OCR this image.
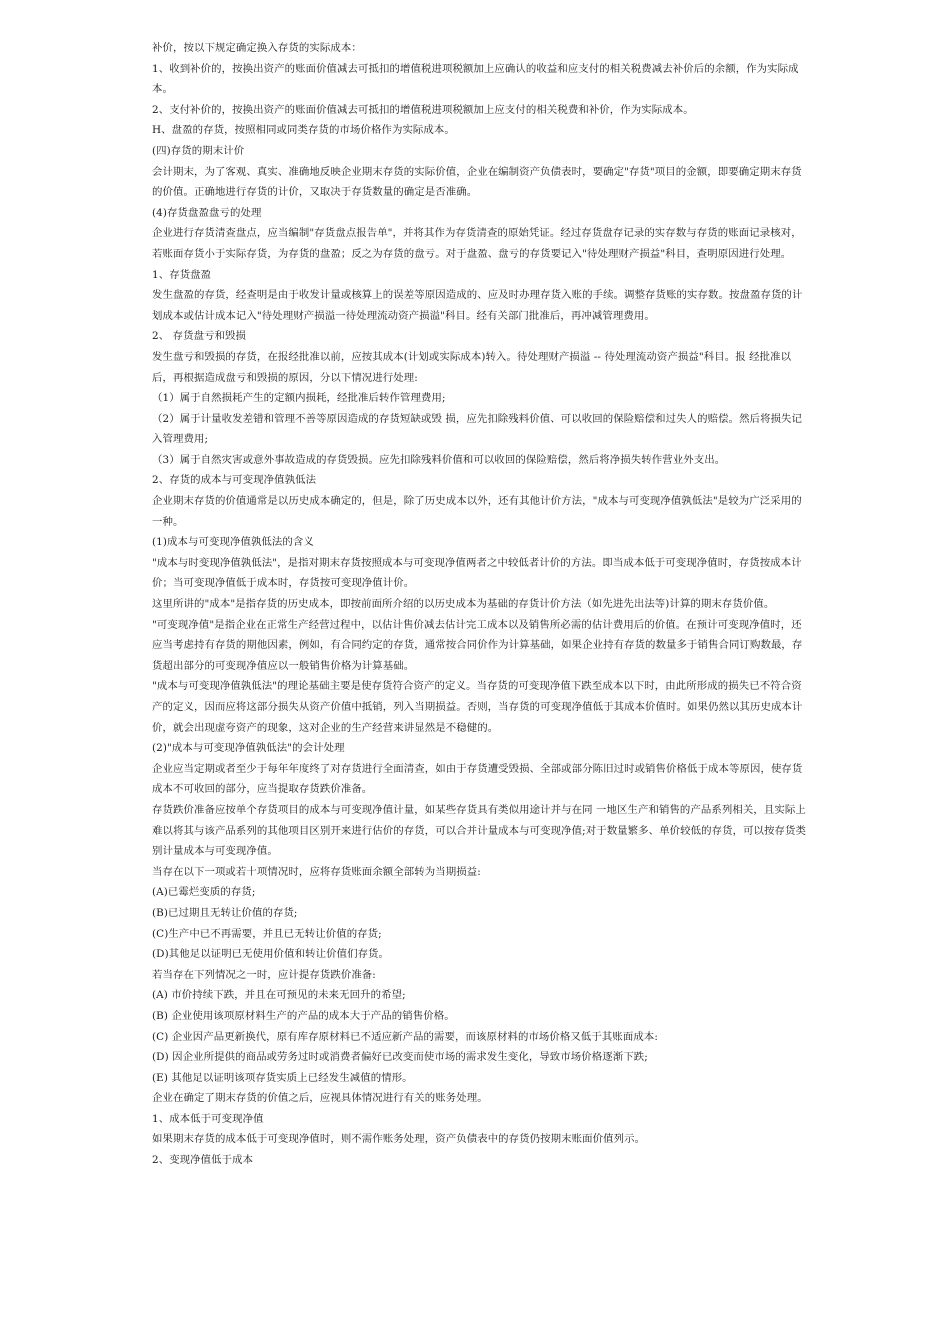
补价，按以下规定确定换入存货的实际成本：

1、收到补价的，按换出资产的账面价值减去可抵扣的增值税进项税额加上应确认的收益和应支付的相关税费减去补价后的余额，作为实际成本。

2、支付补价的，按换出资产的账面价值减去可抵扣的增值税进项税额加上应支付的相关税费和补价，作为实际成本。

H、盘盈的存货，按照相同或同类存货的市场价格作为实际成本。

(四)存货的期末计价

会计期末，为了客观、真实、准确地反映企业期末存货的实际价值，企业在编制资产负债表时，要确定"存货"项目的金额，即要确定期末存货的价值。正确地进行存货的计价，又取决于存货数量的确定是否准确。

(4)存货盘盈盘亏的处理

企业进行存货清查盘点，应当编制"存货盘点报告单"，并将其作为存货清查的原始凭证。经过存货盘存记录的实存数与存货的账面记录核对，若账面存货小于实际存货，为存货的盘盈；反之为存货的盘亏。对于盘盈、盘亏的存货要记入"待处理财产损益"科目，查明原因进行处理。

1、存货盘盈

发生盘盈的存货，经查明是由于收发计量或核算上的误差等原因造成的、应及时办理存货入账的手续。调整存货账的实存数。按盘盈存货的计划成本或估计成本记入"待处理财产损溢一待处理流动资产损溢"科目。经有关部门批准后，再冲减管理费用。

2、 存货盘亏和毁损

发生盘亏和毁损的存货，在报经批准以前，应按其成本(计划或实际成本)转入。待处理财产损溢 -- 待处理流动资产损益"科目。报 经批准以后，再根据造成盘亏和毁损的原因，分以下情况进行处理:

（1）属于自然损耗产生的定额内损耗，经批准后转作管理费用;

（2）属于计量收发差错和管理不善等原因造成的存货短缺或毁 损，应先扣除残料价值、可以收回的保险赔偿和过失人的赔偿。然后将损失记入管理费用;

（3）属于自然灾害或意外事故造成的存货毁损。应先扣除残料价值和可以收回的保险赔偿，然后将净损失转作营业外支出。

2、存货的成本与可变现净值孰低法

企业期末存货的价值通常是以历史成本确定的，但是，除了历史成本以外，还有其他计价方法，"成本与可变现净值孰低法"是较为广泛采用的一种。

(1)成本与可变现净值孰低法的含义

"成本与时变现净值孰低法"，是指对期末存货按照成本与可变现净值两者之中较低者计价的方法。即当成本低于可变现净值时，存货按成本计价；当可变现净值低于成本时，存货按可变现净值计价。

这里所讲的"成本"是指存货的历史成本，即按前面所介绍的以历史成本为基础的存货计价方法（如先进先出法等)计算的期末存货价值。

"可变现净值"是指企业在正常生产经营过程中，以估计售价减去估计完工成本以及销售所必需的估计费用后的价值。在预计可变现净值时，还应当考虑持有存货的期他因素，例如，有合同约定的存货，通常按合同价作为计算基础，如果企业持有存货的数量多于销售合同订购数最，存货超出部分的可变现净值应以一般销售价格为计算基础。

"成本与可变现净值孰低法"的理论基础主要是使存货符合资产的定义。当存货的可变现净值下跌至成本以下时，由此所形成的损失已不符合资产的定义，因而应将这部分损失从资产价值中抵销，列入当期损益。否则，当存货的可变现净值低于其成本价值时。如果仍然以其历史成本计价，就会出现虚夸资产的现象，这对企业的生产经营来讲显然是不稳健的。

(2)"成本与可变现净值孰低法"的会计处理

企业应当定期或者至少于每年年度终了对存货进行全面清查，如由于存货遭受毁损、全部或部分陈旧过时或销售价格低于成本等原因，使存货成本不可收回的部分，应当提取存货跌价准备。

存货跌价准备应按单个存货项目的成本与可变现净值计量，如某些存货具有类似用途计并与在同 一地区生产和销售的产品系列相关，且实际上难以将其与该产品系列的其他项目区别开来进行估价的存货，可以合并计量成本与可变现净值;对于数量繁多、单价较低的存货，可以按存货类别计量成本与可变现净值。

当存在以下一项或若十项情况时，应将存货账面余额全部转为当期损益:

(A)已霉烂变质的存货;

(B)已过期且无转让价值的存货;

(C)生产中已不再需要，并且已无转让价值的存货;

(D)其他足以证明已无使用价值和转让价值们存货。

若当存在下列情况之一时，应计提存货跌价准备:

(A) 市价持续下跌，并且在可预见的未来无回升的希望;

(B) 企业使用该项原材料生产的产品的成本大于产品的销售价格。

(C) 企业因产品更新换代，原有库存原材料已不适应新产品的需要，而该原材料的市场价格又低于其账面成本:

(D) 因企业所提供的商品或劳务过时或消费者偏好已改变而使市场的需求发生变化，导致市场价格逐渐下跌;

(E) 其他足以证明该项存货实质上已经发生减值的情形。

企业在确定了期末存货的价值之后，应视具体情况进行有关的账务处理。

1、成本低于可变现净值

如果期末存货的成本低于可变现净值时，则不需作账务处理，资产负债表中的存货仍按期末账面价值列示。

2、变现净值低于成本
